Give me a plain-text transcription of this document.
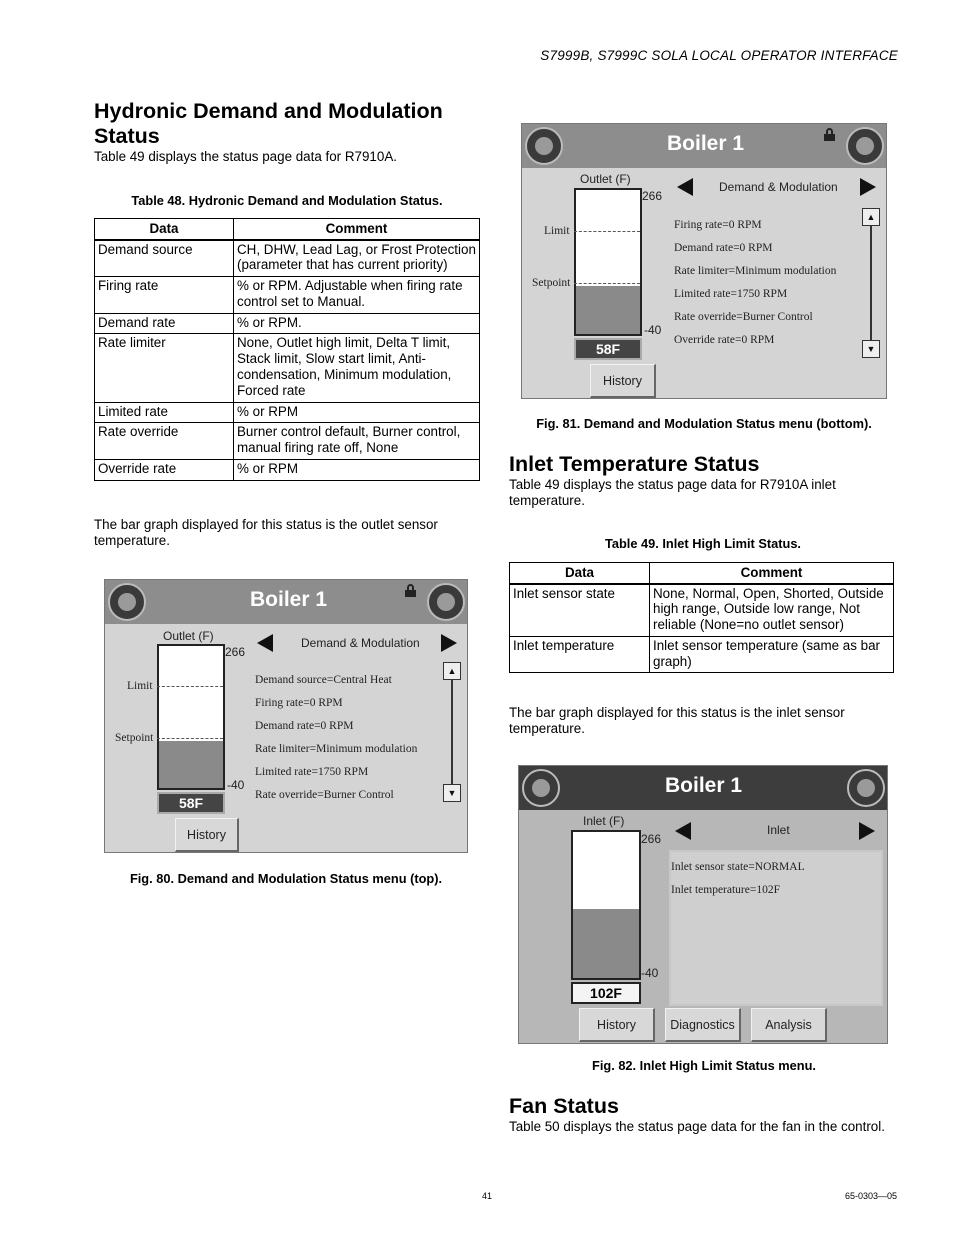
S7999B, S7999C SOLA LOCAL OPERATOR INTERFACE
Hydronic Demand and Modulation Status

Table 49 displays the status page data for R7910A.

Table 48. Hydronic Demand and Modulation Status.
Data	Comment
Demand source	CH, DHW, Lead Lag, or Frost Protection (parameter that has current priority)
Firing rate	% or RPM. Adjustable when firing rate control set to Manual.
Demand rate	% or RPM.
Rate limiter	None, Outlet high limit, Delta T limit, Stack limit, Slow start limit, Anti-condensation, Minimum modulation, Forced rate
Limited rate	% or RPM
Rate override	Burner control default, Burner control, manual firing rate off, None
Override rate	% or RPM

The bar graph displayed for this status is the outlet sensor temperature.

Boiler 1
Outlet (F)
266
-40
Limit
Setpoint
58F
Demand & Modulation
Demand source=Central Heat
Firing rate=0 RPM
Demand rate=0 RPM
Rate limiter=Minimum modulation
Limited rate=1750 RPM
Rate override=Burner Control
▲
▼
History
Fig. 80. Demand and Modulation Status menu (top).
Boiler 1
Outlet (F)
266
-40
Limit
Setpoint
58F
Demand & Modulation
Firing rate=0 RPM
Demand rate=0 RPM
Rate limiter=Minimum modulation
Limited rate=1750 RPM
Rate override=Burner Control
Override rate=0 RPM
▲
▼
History
Fig. 81. Demand and Modulation Status menu (bottom).
Inlet Temperature Status

Table 49 displays the status page data for R7910A inlet temperature.

Table 49. Inlet High Limit Status.
Data	Comment
Inlet sensor state	None, Normal, Open, Shorted, Outside high range, Outside low range, Not reliable (None=no outlet sensor)
Inlet temperature	Inlet sensor temperature (same as bar graph)

The bar graph displayed for this status is the inlet sensor temperature.

Boiler 1
Inlet (F)
266
-40
102F
Inlet
Inlet sensor state=NORMAL
Inlet temperature=102F
History	Diagnostics	Analysis
Fig. 82. Inlet High Limit Status menu.
Fan Status

Table 50 displays the status page data for the fan in the control.

41	65-0303—05
